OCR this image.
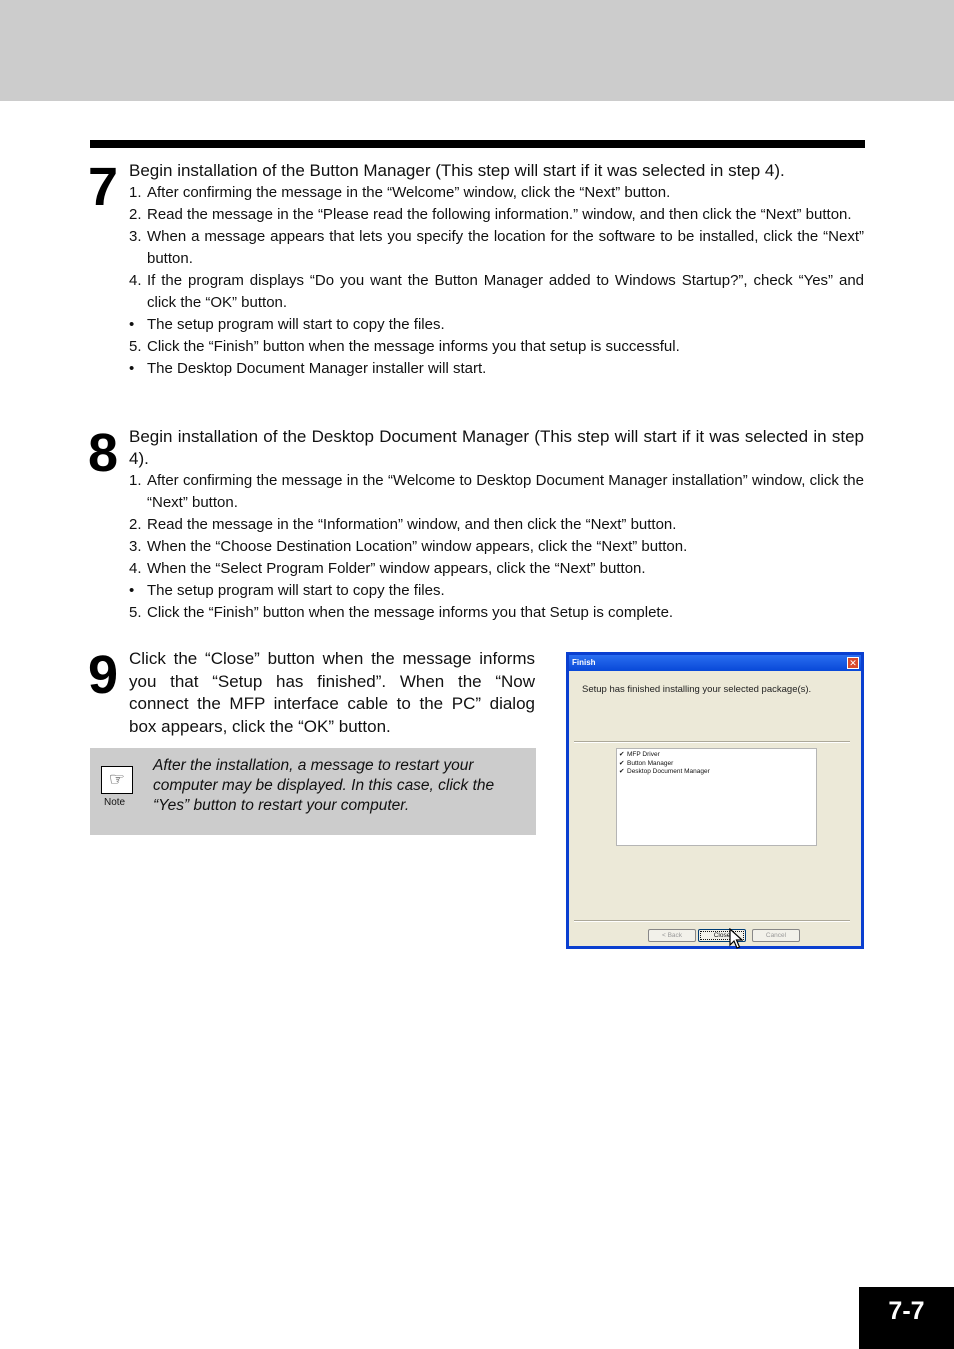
7 Begin installation of the Button Manager (This step will start if it was selected in step 4).

1. After confirming the message in the “Welcome” window, click the “Next” button.
2. Read the message in the “Please read the following information.” window, and then click the “Next” button.
3. When a message appears that lets you specify the location for the software to be installed, click the “Next” button.
4. If the program displays “Do you want the Button Manager added to Windows Startup?”, check “Yes” and click the “OK” button.
• The setup program will start to copy the files.
5. Click the “Finish” button when the message informs you that setup is successful.
• The Desktop Document Manager installer will start.
8 Begin installation of the Desktop Document Manager (This step will start if it was selected in step 4).

1. After confirming the message in the “Welcome to Desktop Document Manager installation” window, click the “Next” button.
2. Read the message in the “Information” window, and then click the “Next” button.
3. When the “Choose Destination Location” window appears, click the “Next” button.
4. When the “Select Program Folder” window appears, click the “Next” button.
• The setup program will start to copy the files.
5. Click the “Finish” button when the message informs you that Setup is complete.
9 Click the “Close” button when the message informs you that “Setup has finished”. When the “Now connect the MFP interface cable to the PC” dialog box appears, click the “OK” button.

☞
Note

After the installation, a message to restart your computer may be displayed. In this case, click the “Yes” button to restart your computer.

Finish	✕
Setup has finished installing your selected package(s).
✔ MFP Driver
✔ Button Manager
✔ Desktop Document Manager
< Back	Close	Cancel
7-7
